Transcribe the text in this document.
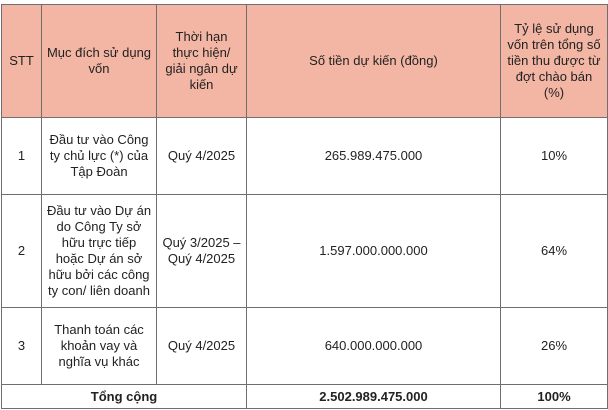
STT	Mục đích sử dụng vốn	Thời hạn thực hiện/ giải ngân dự kiến	Số tiền dự kiến (đồng)	Tỷ lệ sử dụng vốn trên tổng số tiền thu được từ đợt chào bán (%)
1	Đầu tư vào Công ty chủ lực (*) của Tập Đoàn	Quý 4/2025	265.989.475.000	10%
2	Đầu tư vào Dự án do Công Ty sở hữu trực tiếp hoặc Dự án sở hữu bởi các công ty con/ liên doanh	Quý 3/2025 – Quý 4/2025	1.597.000.000.000	64%
3	Thanh toán các khoản vay và nghĩa vụ khác	Quý 4/2025	640.000.000.000	26%
Tổng cộng			2.502.989.475.000	100%
